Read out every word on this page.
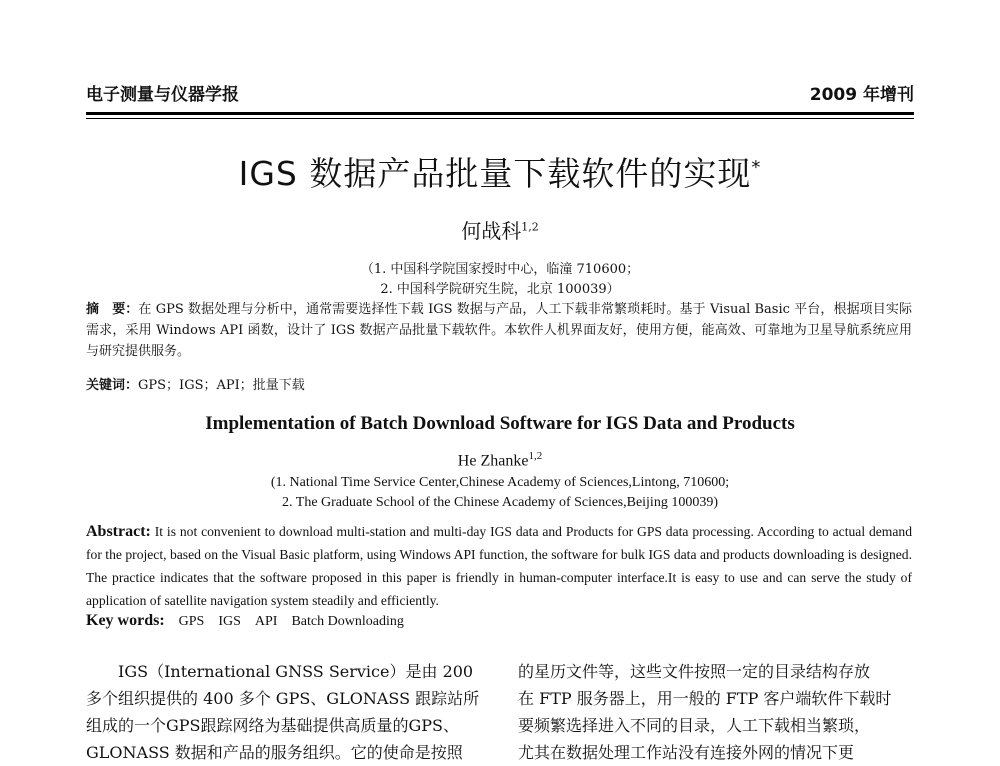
电子测量与仪器学报	2009 年增刊
IGS 数据产品批量下载软件的实现*
何战科$^{1,2}$
（1. 中国科学院国家授时中心，临潼 710600；
2. 中国科学院研究生院，北京 100039）
摘　要：在 GPS 数据处理与分析中，通常需要选择性下载 IGS 数据与产品，人工下载非常繁琐耗时。基于 Visual Basic 平台，根据项目实际需求，采用 Windows API 函数，设计了 IGS 数据产品批量下载软件。本软件人机界面友好，使用方便，能高效、可靠地为卫星导航系统应用与研究提供服务。
关键词：GPS；IGS；API；批量下载
Implementation of Batch Download Software for IGS Data and Products
He Zhanke$^{1,2}$
(1. National Time Service Center,Chinese Academy of Sciences,Lintong, 710600;
2. The Graduate School of the Chinese Academy of Sciences,Beijing 100039)
Abstract: It is not convenient to download multi-station and multi-day IGS data and Products for GPS data processing. According to actual demand for the project, based on the Visual Basic platform, using Windows API function, the software for bulk IGS data and products downloading is designed. The practice indicates that the software proposed in this paper is friendly in human-computer interface.It is easy to use and can serve the study of application of satellite navigation system steadily and efficiently.
Key words: GPS IGS API Batch Downloading
IGS（International GNSS Service）是由 200
多个组织提供的 400 多个 GPS、GLONASS 跟踪站所
组成的一个GPS跟踪网络为基础提供高质量的GPS、
GLONASS 数据和产品的服务组织。它的使命是按照
的星历文件等，这些文件按照一定的目录结构存放
在 FTP 服务器上，用一般的 FTP 客户端软件下载时
要频繁选择进入不同的目录，人工下载相当繁琐，
尤其在数据处理工作站没有连接外网的情况下更
